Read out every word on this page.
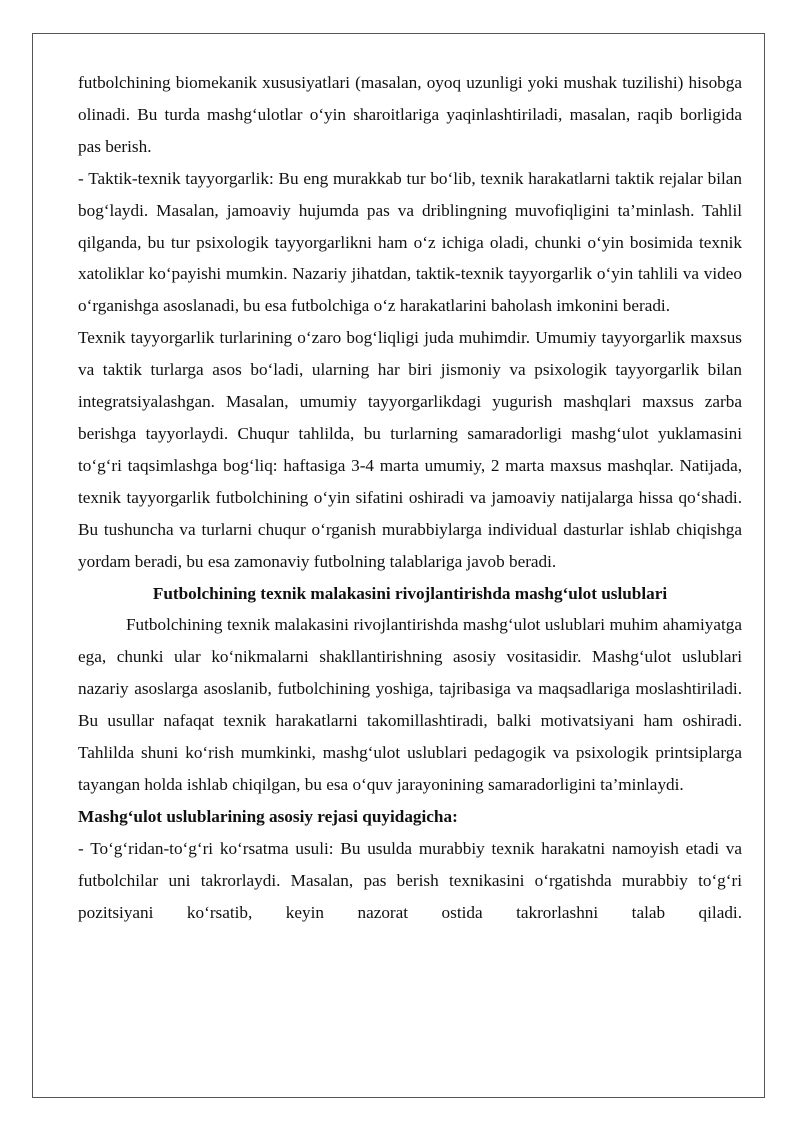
futbolchining biomekanik xususiyatlari (masalan, oyoq uzunligi yoki mushak tuzilishi) hisobga olinadi. Bu turda mashg‘ulotlar o‘yin sharoitlariga yaqinlashtiriladi, masalan, raqib borligida pas berish.

- Taktik-texnik tayyorgarlik: Bu eng murakkab tur bo‘lib, texnik harakatlarni taktik rejalar bilan bog‘laydi. Masalan, jamoaviy hujumda pas va driblingning muvofiqligini ta’minlash. Tahlil qilganda, bu tur psixologik tayyorgarlikni ham o‘z ichiga oladi, chunki o‘yin bosimida texnik xatoliklar ko‘payishi mumkin. Nazariy jihatdan, taktik-texnik tayyorgarlik o‘yin tahlili va video o‘rganishga asoslanadi, bu esa futbolchiga o‘z harakatlarini baholash imkonini beradi.

Texnik tayyorgarlik turlarining o‘zaro bog‘liqligi juda muhimdir. Umumiy tayyorgarlik maxsus va taktik turlarga asos bo‘ladi, ularning har biri jismoniy va psixologik tayyorgarlik bilan integratsiyalashgan. Masalan, umumiy tayyorgarlikdagi yugurish mashqlari maxsus zarba berishga tayyorlaydi. Chuqur tahlilda, bu turlarning samaradorligi mashg‘ulot yuklamasini to‘g‘ri taqsimlashga bog‘liq: haftasiga 3-4 marta umumiy, 2 marta maxsus mashqlar. Natijada, texnik tayyorgarlik futbolchining o‘yin sifatini oshiradi va jamoaviy natijalarga hissa qo‘shadi. Bu tushuncha va turlarni chuqur o‘rganish murabbiylarga individual dasturlar ishlab chiqishga yordam beradi, bu esa zamonaviy futbolning talablariga javob beradi.

Futbolchining texnik malakasini rivojlantirishda mashg‘ulot uslublari

Futbolchining texnik malakasini rivojlantirishda mashg‘ulot uslublari muhim ahamiyatga ega, chunki ular ko‘nikmalarni shakllantirishning asosiy vositasidir. Mashg‘ulot uslublari nazariy asoslarga asoslanib, futbolchining yoshiga, tajribasiga va maqsadlariga moslashtiriladi. Bu usullar nafaqat texnik harakatlarni takomillashtiradi, balki motivatsiyani ham oshiradi. Tahlilda shuni ko‘rish mumkinki, mashg‘ulot uslublari pedagogik va psixologik printsiplarga tayangan holda ishlab chiqilgan, bu esa o‘quv jarayonining samaradorligini ta’minlaydi.

Mashg‘ulot uslublarining asosiy rejasi quyidagicha:

- To‘g‘ridan-to‘g‘ri ko‘rsatma usuli: Bu usulda murabbiy texnik harakatni namoyish etadi va futbolchilar uni takrorlaydi. Masalan, pas berish texnikasini o‘rgatishda murabbiy to‘g‘ri pozitsiyani ko‘rsatib, keyin nazorat ostida takrorlashni talab qiladi.
